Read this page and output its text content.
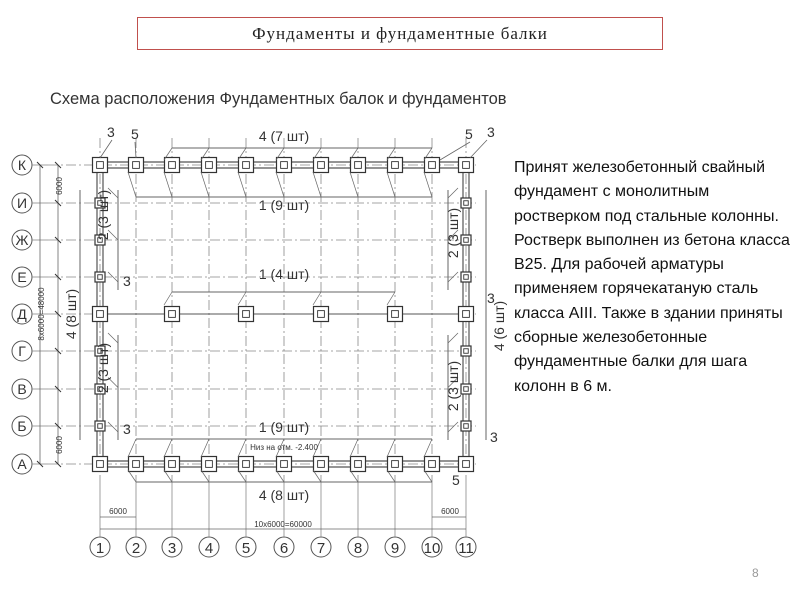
Фундаменты и фундаментные балки
Схема расположения Фундаментных балок и фундаментов
К
И
Ж
Е
Д
Г
В
Б
А
1 2 3 4 5 6 7 8 9 10 11
6000
8х6000=48000
6000
6000
10х6000=60000
6000
4 (7 шт)
1 (9 шт)
1 (4 шт)
1 (9 шт)
Низ на отм. -2.400
4 (8 шт)
2 (3 шт)
2 (3 шт)
2 (3 шт)
2 (3 шт)
4 (8 шт)	4 (6 шт)
3 5	5 3
3
3
3	3
5
Принят железобетонный свайный фундамент с монолитным ростверком под стальные колонны. Ростверк выполнен из бетона класса В25. Для рабочей арматуры применяем горячекатаную сталь класса АIII. Также в здании приняты сборные железобетонные фундаментные балки для шага колонн в 6 м.
8
